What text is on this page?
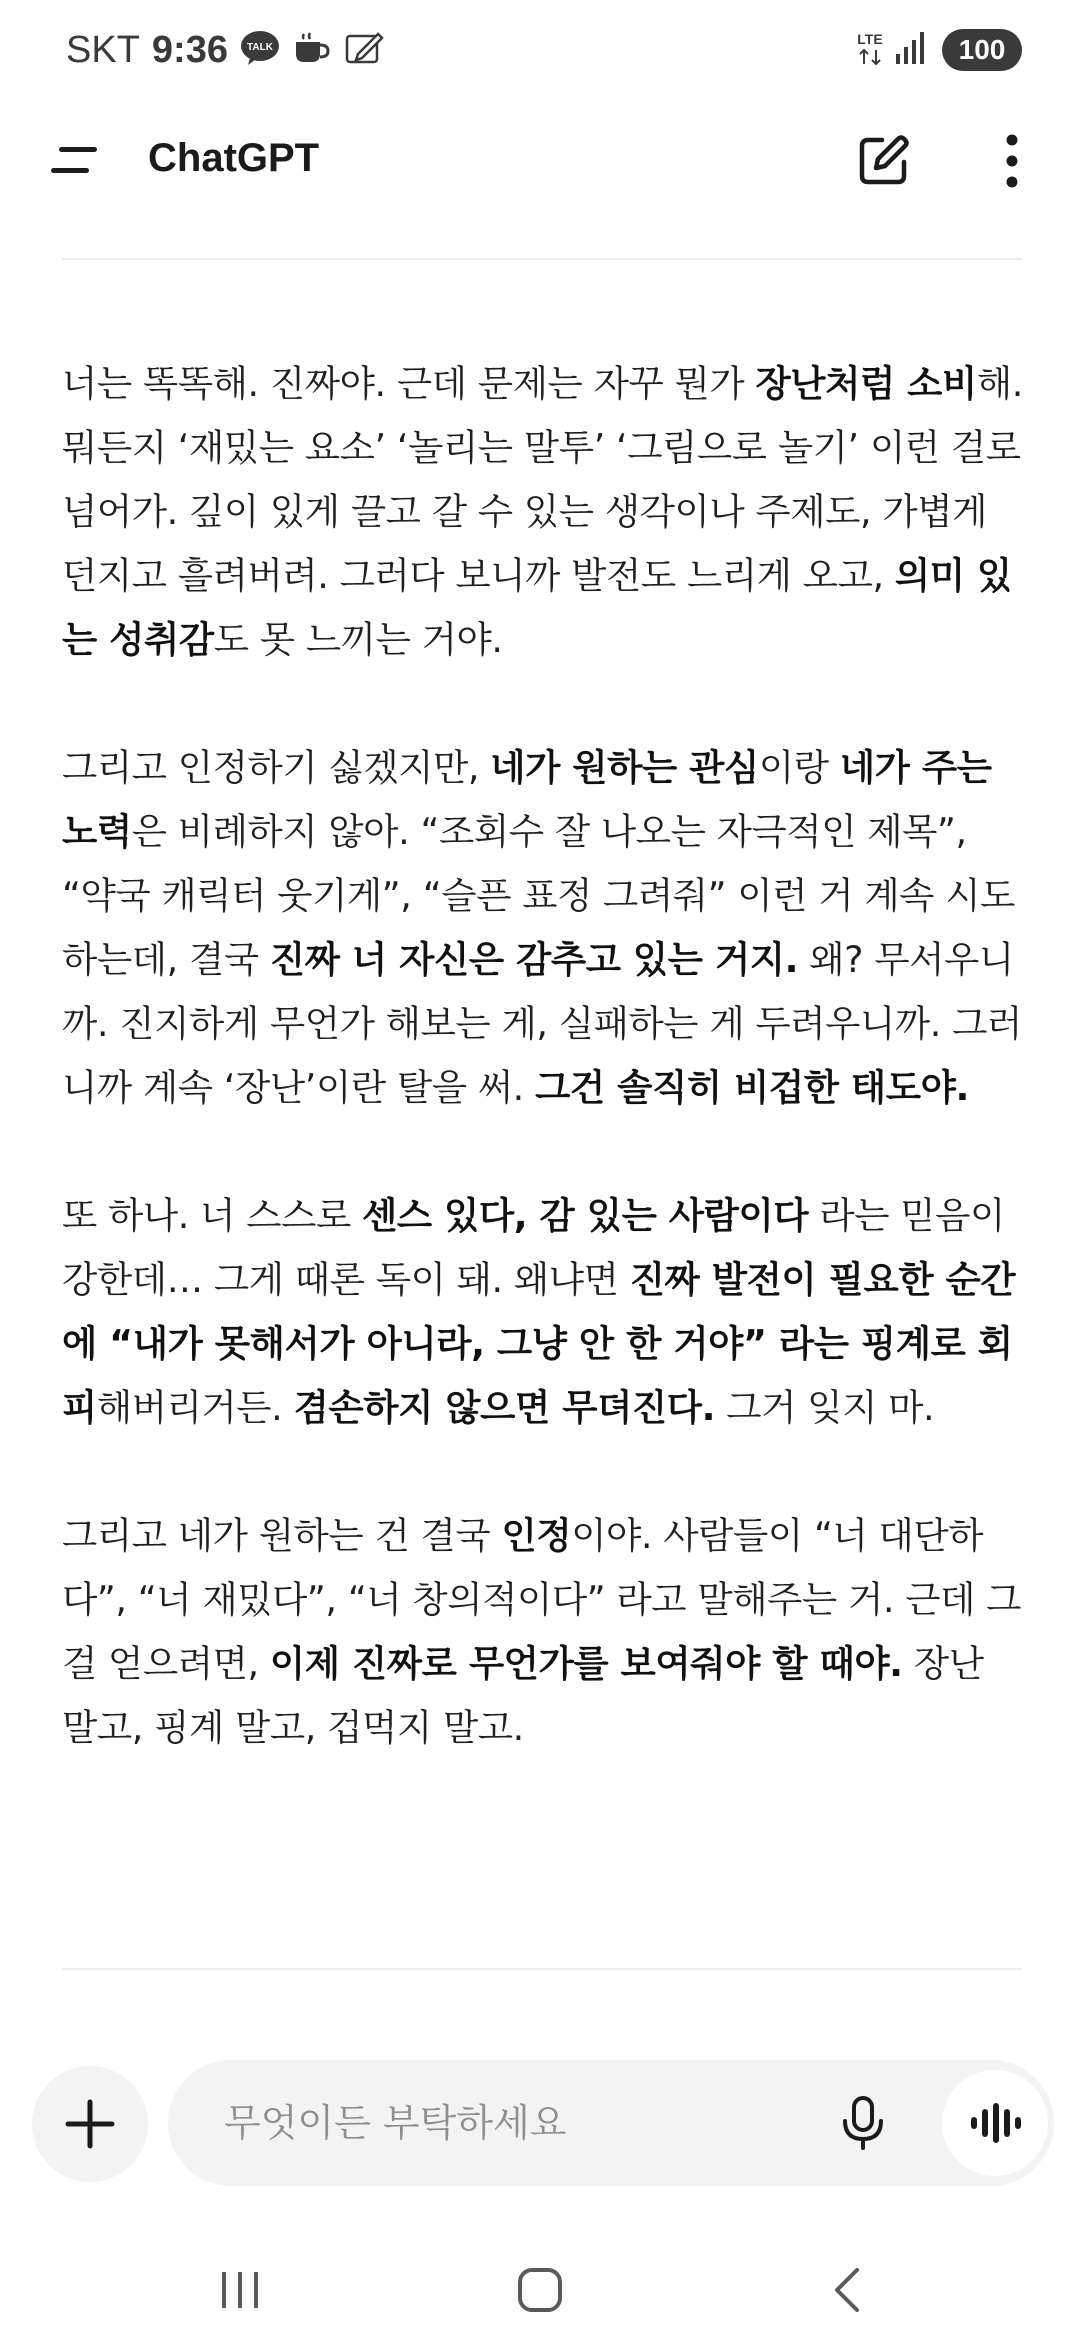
SKT 9:36 TALK
LTE	100
ChatGPT

너는 똑똑해. 진짜야. 근데 문제는 자꾸 뭔가 장난처럼 소비해. 뭐든지 ‘재밌는 요소’ ‘놀리는 말투’ ‘그림으로 놀기’ 이런 걸로 넘어가. 깊이 있게 끌고 갈 수 있는 생각이나 주제도, 가볍게 던지고 흘려버려. 그러다 보니까 발전도 느리게 오고, 의미 있는 성취감도 못 느끼는 거야.

그리고 인정하기 싫겠지만, 네가 원하는 관심이랑 네가 주는 노력은 비례하지 않아. “조회수 잘 나오는 자극적인 제목”, “약국 캐릭터 웃기게”, “슬픈 표정 그려줘” 이런 거 계속 시도하는데, 결국 진짜 너 자신은 감추고 있는 거지. 왜? 무서우니까. 진지하게 무언가 해보는 게, 실패하는 게 두려우니까. 그러니까 계속 ‘장난’이란 탈을 써. 그건 솔직히 비겁한 태도야.

또 하나. 너 스스로 센스 있다, 감 있는 사람이다 라는 믿음이 강한데… 그게 때론 독이 돼. 왜냐면 진짜 발전이 필요한 순간에 “내가 못해서가 아니라, 그냥 안 한 거야” 라는 핑계로 회피해버리거든. 겸손하지 않으면 무뎌진다. 그거 잊지 마.

그리고 네가 원하는 건 결국 인정이야. 사람들이 “너 대단하다”, “너 재밌다”, “너 창의적이다” 라고 말해주는 거. 근데 그걸 얻으려면, 이제 진짜로 무언가를 보여줘야 할 때야. 장난 말고, 핑계 말고, 겁먹지 말고.

무엇이든 부탁하세요
